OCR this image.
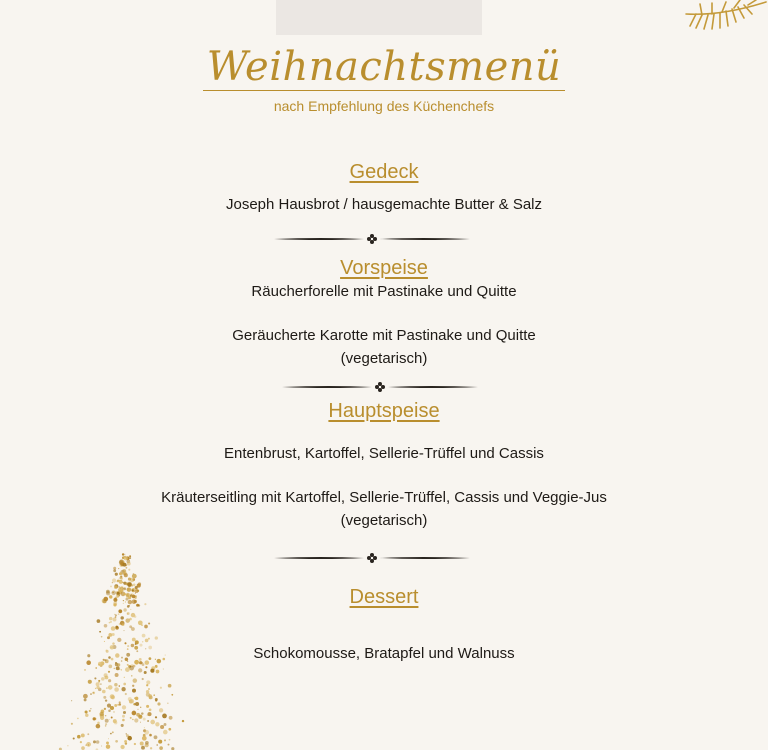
Weihnachtsmenü
nach Empfehlung des Küchenchefs
Gedeck
Joseph Hausbrot / hausgemachte Butter & Salz
Vorspeise
Räucherforelle mit Pastinake und Quitte
Geräucherte Karotte mit Pastinake und Quitte
(vegetarisch)
Hauptspeise
Entenbrust, Kartoffel, Sellerie-Trüffel und Cassis
Kräuterseitling mit Kartoffel, Sellerie-Trüffel, Cassis und Veggie-Jus
(vegetarisch)
Dessert
Schokomousse, Bratapfel und Walnuss
